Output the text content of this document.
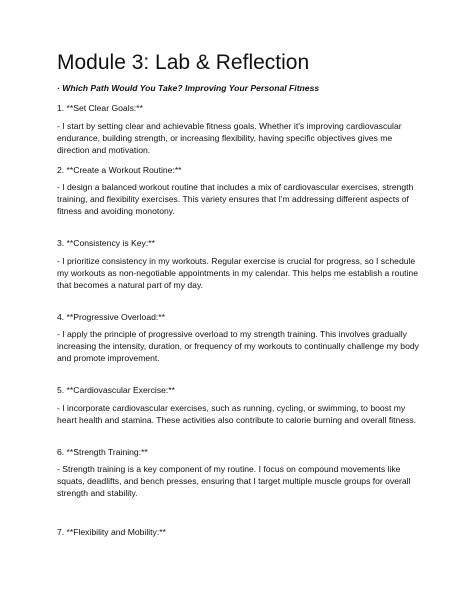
Module 3: Lab & Reflection

· Which Path Would You Take? Improving Your Personal Fitness

1. **Set Clear Goals:**

- I start by setting clear and achievable fitness goals. Whether it's improving cardiovascular endurance, building strength, or increasing flexibility, having specific objectives gives me direction and motivation.

2. **Create a Workout Routine:**

- I design a balanced workout routine that includes a mix of cardiovascular exercises, strength training, and flexibility exercises. This variety ensures that I'm addressing different aspects of fitness and avoiding monotony.

3. **Consistency is Key:**

- I prioritize consistency in my workouts. Regular exercise is crucial for progress, so I schedule my workouts as non-negotiable appointments in my calendar. This helps me establish a routine that becomes a natural part of my day.

4. **Progressive Overload:**

- I apply the principle of progressive overload to my strength training. This involves gradually increasing the intensity, duration, or frequency of my workouts to continually challenge my body and promote improvement.

5. **Cardiovascular Exercise:**

- I incorporate cardiovascular exercises, such as running, cycling, or swimming, to boost my heart health and stamina. These activities also contribute to calorie burning and overall fitness.

6. **Strength Training:**

- Strength training is a key component of my routine. I focus on compound movements like squats, deadlifts, and bench presses, ensuring that I target multiple muscle groups for overall strength and stability.

7. **Flexibility and Mobility:**
